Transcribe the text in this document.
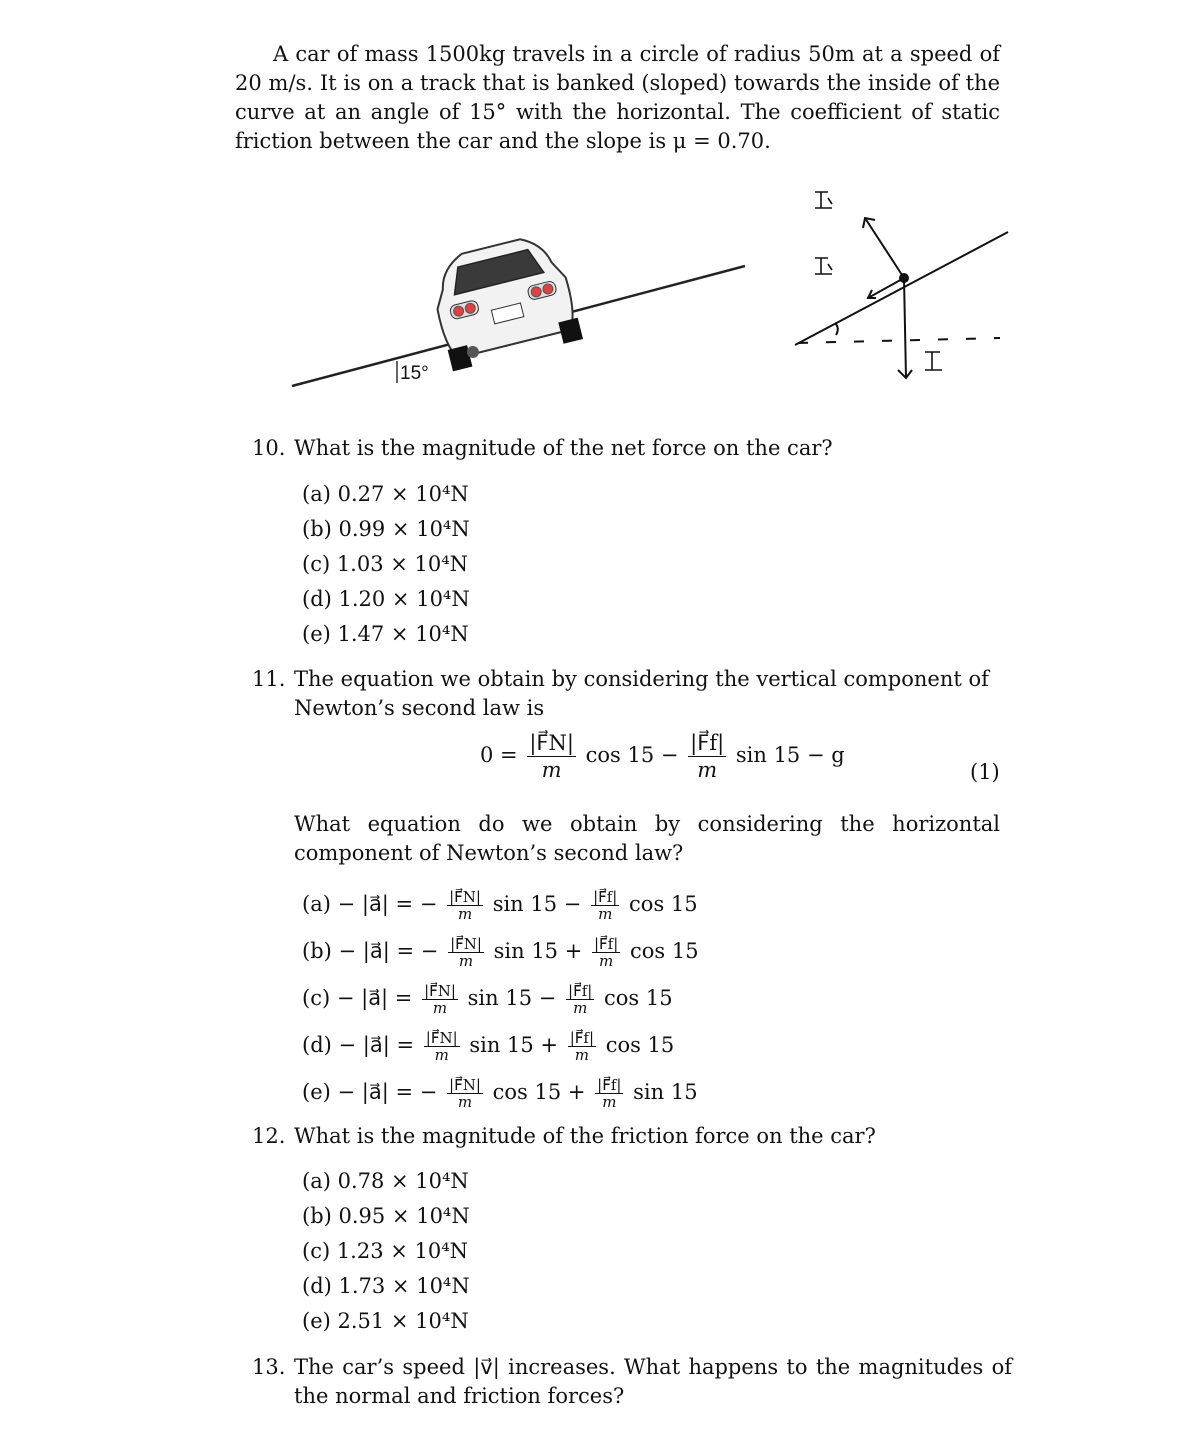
A car of mass 1500kg travels in a circle of radius 50m at a speed of 20 m/s. It is on a track that is banked (sloped) towards the inside of the curve at an angle of 15° with the horizontal. The coefficient of static friction between the car and the slope is μ = 0.70.
15°
10. What is the magnitude of the net force on the car?
(a) 0.27 × 10⁴N
(b) 0.99 × 10⁴N
(c) 1.03 × 10⁴N
(d) 1.20 × 10⁴N
(e) 1.47 × 10⁴N
11. The equation we obtain by considering the vertical component of Newton’s second law is
$0 = \frac{|F⃗N|}{m}$ $\cos 15 - \frac{|F⃗f|}{m}$ sin 15 − g
(1)
What equation do we obtain by considering the horizontal component of Newton’s second law?
(a) − |a⃗| = − $\frac{|F⃗N|}{m}$ $\sin 15 - \frac{|F⃗f|}{m}$ cos 15
(b) − |a⃗| = − $\frac{|F⃗N|}{m}$ $\sin 15 + \frac{|F⃗f|}{m}$ cos 15
(c) − |a⃗| = $\frac{|F⃗N|}{m}$ $\sin 15 - \frac{|F⃗f|}{m}$ cos 15
(d) − |a⃗| = $\frac{|F⃗N|}{m}$ $\sin 15 + \frac{|F⃗f|}{m}$ cos 15
(e) − |a⃗| = − $\frac{|F⃗N|}{m}$ $\cos 15 + \frac{|F⃗f|}{m}$ sin 15
12. What is the magnitude of the friction force on the car?
(a) 0.78 × 10⁴N
(b) 0.95 × 10⁴N
(c) 1.23 × 10⁴N
(d) 1.73 × 10⁴N
(e) 2.51 × 10⁴N
13. The car’s speed |v⃗| increases. What happens to the magnitudes of the normal and friction forces?
